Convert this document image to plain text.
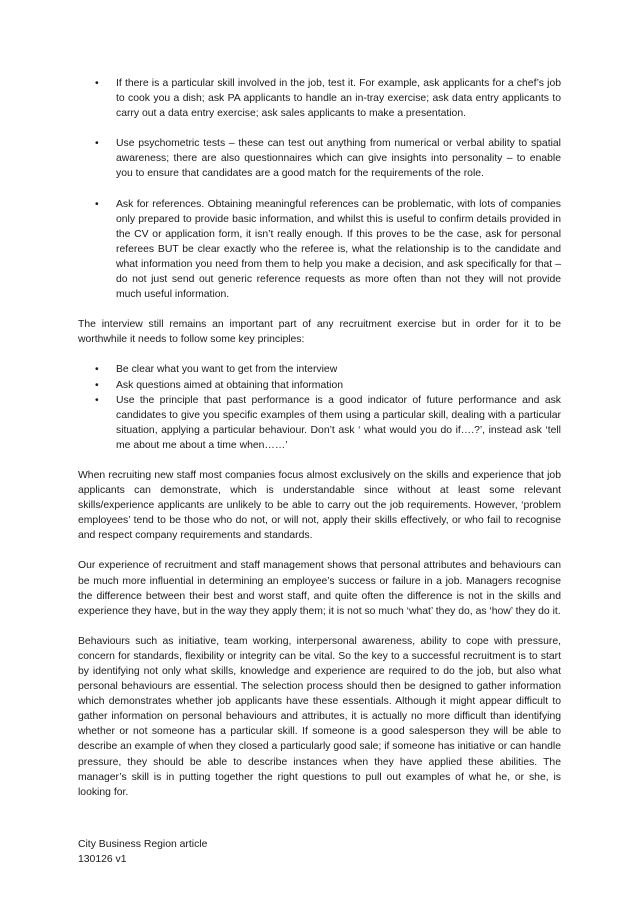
• If there is a particular skill involved in the job, test it. For example, ask applicants for a chef’s job to cook you a dish; ask PA applicants to handle an in-tray exercise; ask data entry applicants to carry out a data entry exercise; ask sales applicants to make a presentation.
• Use psychometric tests – these can test out anything from numerical or verbal ability to spatial awareness; there are also questionnaires which can give insights into personality – to enable you to ensure that candidates are a good match for the requirements of the role.
• Ask for references. Obtaining meaningful references can be problematic, with lots of companies only prepared to provide basic information, and whilst this is useful to confirm details provided in the CV or application form, it isn’t really enough. If this proves to be the case, ask for personal referees BUT be clear exactly who the referee is, what the relationship is to the candidate and what information you need from them to help you make a decision, and ask specifically for that – do not just send out generic reference requests as more often than not they will not provide much useful information.

The interview still remains an important part of any recruitment exercise but in order for it to be worthwhile it needs to follow some key principles:

• Be clear what you want to get from the interview
• Ask questions aimed at obtaining that information
• Use the principle that past performance is a good indicator of future performance and ask candidates to give you specific examples of them using a particular skill, dealing with a particular situation, applying a particular behaviour. Don’t ask ‘ what would you do if….?’, instead ask ‘tell me about me about a time when……’

When recruiting new staff most companies focus almost exclusively on the skills and experience that job applicants can demonstrate, which is understandable since without at least some relevant skills/experience applicants are unlikely to be able to carry out the job requirements. However, ‘problem employees’ tend to be those who do not, or will not, apply their skills effectively, or who fail to recognise and respect company requirements and standards.

Our experience of recruitment and staff management shows that personal attributes and behaviours can be much more influential in determining an employee’s success or failure in a job. Managers recognise the difference between their best and worst staff, and quite often the difference is not in the skills and experience they have, but in the way they apply them; it is not so much ‘what’ they do, as ‘how’ they do it.

Behaviours such as initiative, team working, interpersonal awareness, ability to cope with pressure, concern for standards, flexibility or integrity can be vital. So the key to a successful recruitment is to start by identifying not only what skills, knowledge and experience are required to do the job, but also what personal behaviours are essential. The selection process should then be designed to gather information which demonstrates whether job applicants have these essentials. Although it might appear difficult to gather information on personal behaviours and attributes, it is actually no more difficult than identifying whether or not someone has a particular skill. If someone is a good salesperson they will be able to describe an example of when they closed a particularly good sale; if someone has initiative or can handle pressure, they should be able to describe instances when they have applied these abilities. The manager’s skill is in putting together the right questions to pull out examples of what he, or she, is looking for.

City Business Region article
130126 v1
